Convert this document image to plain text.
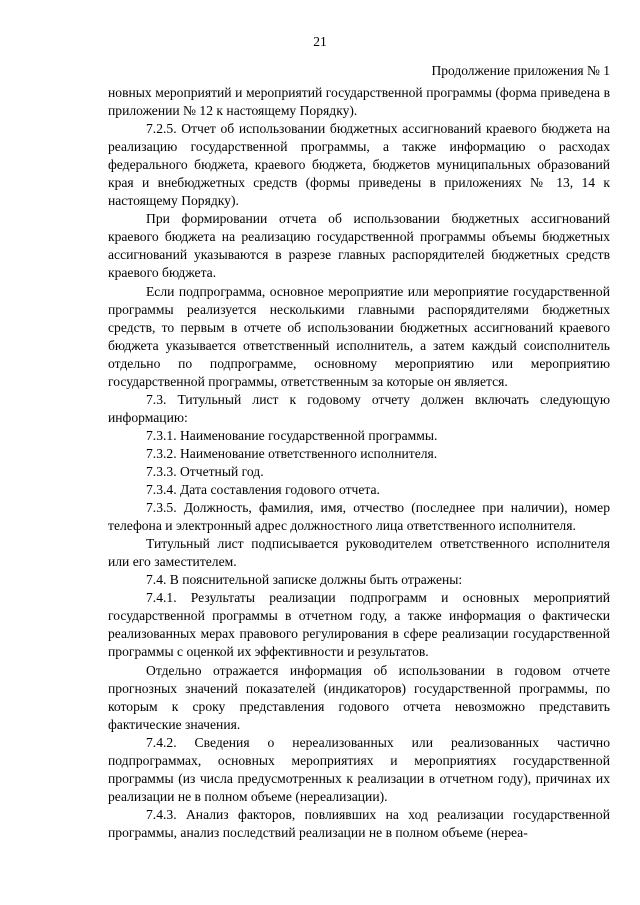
21
Продолжение приложения № 1

новных мероприятий и мероприятий государственной программы (форма приведена в приложении № 12 к настоящему Порядку).

7.2.5. Отчет об использовании бюджетных ассигнований краевого бюджета на реализацию государственной программы, а также информацию о расходах федерального бюджета, краевого бюджета, бюджетов муниципальных образований края и внебюджетных средств (формы приведены в приложениях № 13, 14 к настоящему Порядку).

При формировании отчета об использовании бюджетных ассигнований краевого бюджета на реализацию государственной программы объемы бюджетных ассигнований указываются в разрезе главных распорядителей бюджетных средств краевого бюджета.

Если подпрограмма, основное мероприятие или мероприятие государственной программы реализуется несколькими главными распорядителями бюджетных средств, то первым в отчете об использовании бюджетных ассигнований краевого бюджета указывается ответственный исполнитель, а затем каждый соисполнитель отдельно по подпрограмме, основному мероприятию или мероприятию государственной программы, ответственным за которые он является.

7.3. Титульный лист к годовому отчету должен включать следующую информацию:

7.3.1. Наименование государственной программы.

7.3.2. Наименование ответственного исполнителя.

7.3.3. Отчетный год.

7.3.4. Дата составления годового отчета.

7.3.5. Должность, фамилия, имя, отчество (последнее при наличии), номер телефона и электронный адрес должностного лица ответственного исполнителя.

Титульный лист подписывается руководителем ответственного исполнителя или его заместителем.

7.4. В пояснительной записке должны быть отражены:

7.4.1. Результаты реализации подпрограмм и основных мероприятий государственной программы в отчетном году, а также информация о фактически реализованных мерах правового регулирования в сфере реализации государственной программы с оценкой их эффективности и результатов.

Отдельно отражается информация об использовании в годовом отчете прогнозных значений показателей (индикаторов) государственной программы, по которым к сроку представления годового отчета невозможно представить фактические значения.

7.4.2. Сведения о нереализованных или реализованных частично подпрограммах, основных мероприятиях и мероприятиях государственной программы (из числа предусмотренных к реализации в отчетном году), причинах их реализации не в полном объеме (нереализации).

7.4.3. Анализ факторов, повлиявших на ход реализации государственной программы, анализ последствий реализации не в полном объеме (нереа-
